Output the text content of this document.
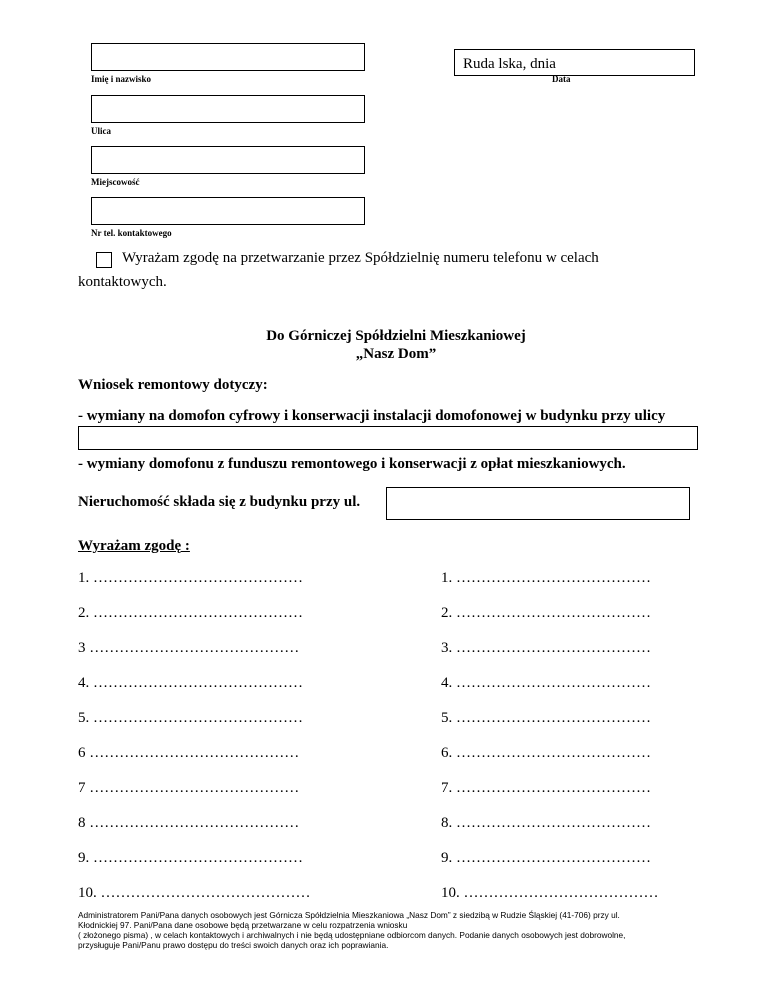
Imię i nazwisko
Ruda lska, dnia
Data
Ulica
Miejscowość
Nr tel. kontaktowego
Wyrażam zgodę na przetwarzanie przez Spółdzielnię numeru telefonu w celach
kontaktowych.
Do Górniczej Spółdzielni Mieszkaniowej
„Nasz Dom”
Wniosek remontowy dotyczy:
- wymiany na domofon cyfrowy i konserwacji instalacji domofonowej w budynku przy ulicy
- wymiany domofonu z funduszu remontowego i konserwacji z opłat mieszkaniowych.
Nieruchomość składa się z budynku przy ul.
Wyrażam zgodę :
1. ……………………………………
2. ……………………………………
3 ……………………………………
4. ……………………………………
5. ……………………………………
6 ……………………………………
7 ……………………………………
8 ……………………………………
9. ……………………………………
10. ……………………………………
1. …………………………………
2. …………………………………
3. …………………………………
4. …………………………………
5. …………………………………
6. …………………………………
7. …………………………………
8. …………………………………
9. …………………………………
10. …………………………………
Administratorem Pani/Pana danych osobowych jest Górnicza Spółdzielnia Mieszkaniowa „Nasz Dom” z siedzibą w Rudzie Śląskiej (41-706) przy ul.
Kłodnickiej 97. Pani/Pana dane osobowe będą przetwarzane w celu rozpatrzenia wniosku
( złożonego pisma) , w celach kontaktowych i archiwalnych i nie będą udostępniane odbiorcom danych. Podanie danych osobowych jest dobrowolne,
przysługuje Pani/Panu prawo dostępu do treści swoich danych oraz ich poprawiania.
